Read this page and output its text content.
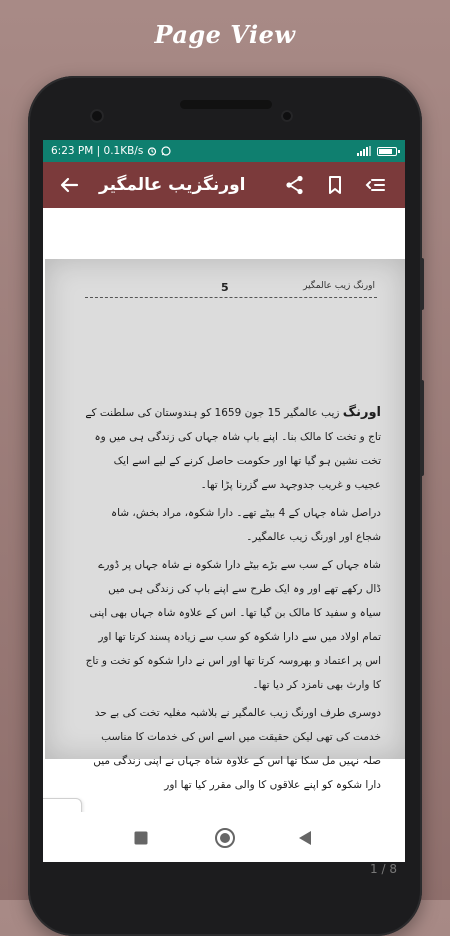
Page View
6:23 PM | 0.1KB/s
اورنگزیب عالمگیر
5	اورنگ زیب عالمگیر

اورنگ زیب عالمگیر 15 جون 1659 کو ہندوستان کی سلطنت کے تاج و تخت کا مالک بنا۔ اپنے باپ شاہ جہاں کی زندگی ہی میں وہ تخت نشین ہو گیا تھا اور حکومت حاصل کرنے کے لیے اسے ایک عجیب و غریب جدوجہد سے گزرنا پڑا تھا۔

دراصل شاہ جہاں کے 4 بیٹے تھے۔ دارا شکوہ، مراد بخش، شاہ شجاع اور اورنگ زیب عالمگیر۔

شاہ جہاں کے سب سے بڑے بیٹے دارا شکوہ نے شاہ جہاں پر ڈورے ڈال رکھے تھے اور وہ ایک طرح سے اپنے باپ کی زندگی ہی میں سیاہ و سفید کا مالک بن گیا تھا۔ اس کے علاوہ شاہ جہاں بھی اپنی تمام اولاد میں سے دارا شکوہ کو سب سے زیادہ پسند کرتا تھا اور اس پر اعتماد و بھروسہ کرتا تھا اور اس نے دارا شکوہ کو تخت و تاج کا وارث بھی نامزد کر دیا تھا۔

دوسری طرف اورنگ زیب عالمگیر نے بلاشبہ مغلیہ تخت کی بے حد خدمت کی تھی لیکن حقیقت میں اسے اس کی خدمات کا مناسب صلہ نہیں مل سکا تھا اس کے علاوہ شاہ جہاں نے اپنی زندگی میں دارا شکوہ کو اپنے علاقوں کا والی مقرر کیا تھا اور

1 / 8
